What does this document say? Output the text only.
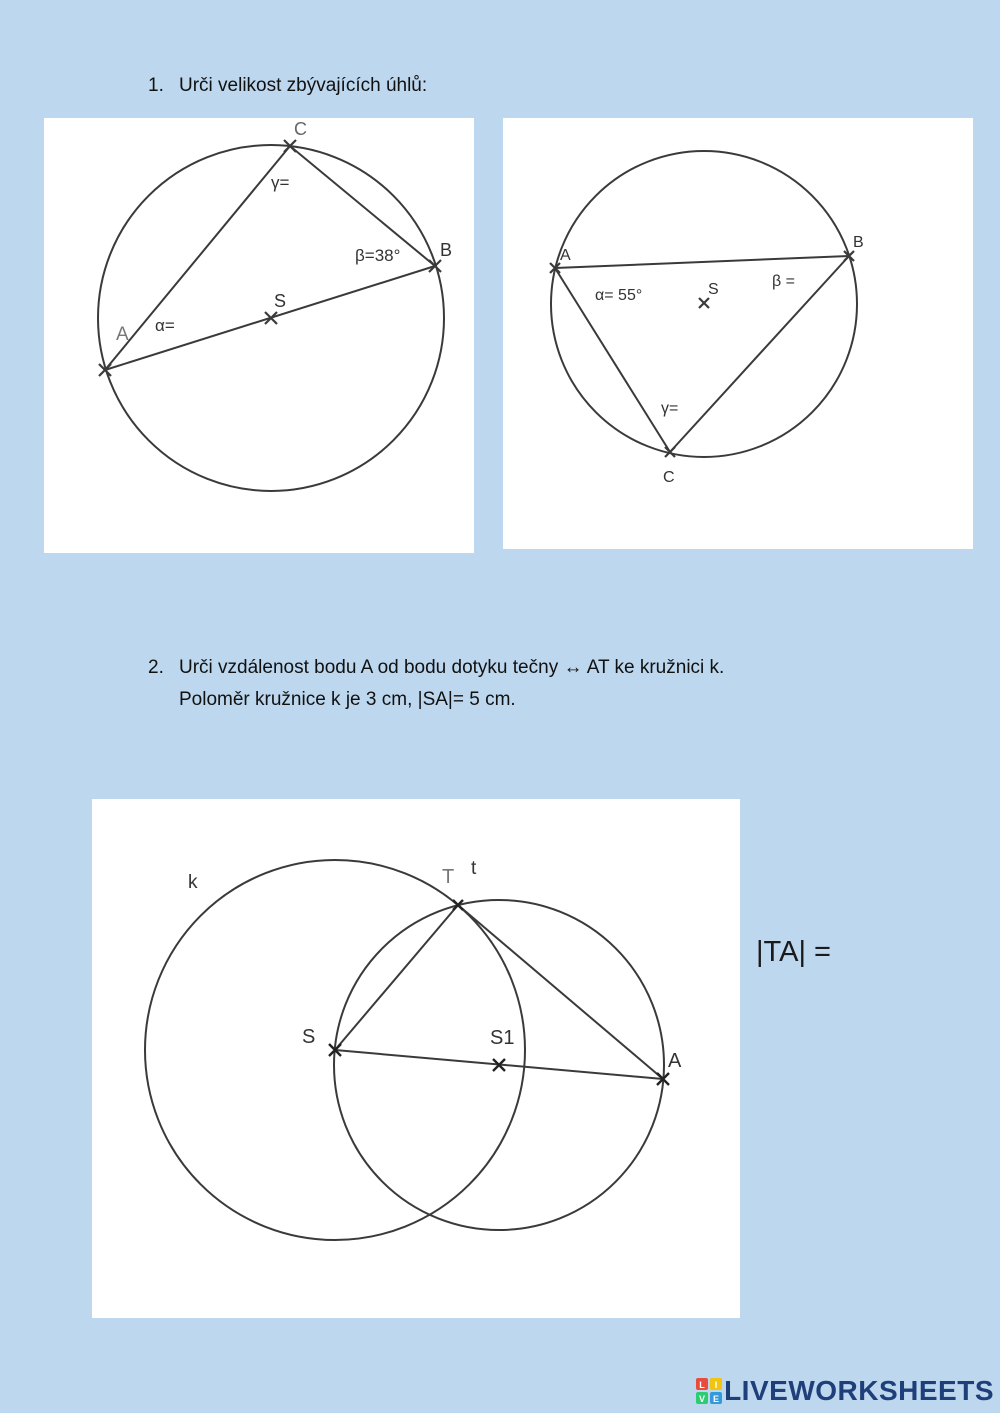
1. Urči velikost zbývajících úhlů:
A
B
C
S
α=
β=38°
γ=
A
B
C
S
α= 55°
β =
γ=
2. Urči vzdálenost bodu A od bodu dotyku tečny ↔ AT ke kružnici k.
Poloměr kružnice k je 3 cm, |SA|= 5 cm.
k	T t
S	S1
A
|TA| =
L I
V E LIVEWORKSHEETS
